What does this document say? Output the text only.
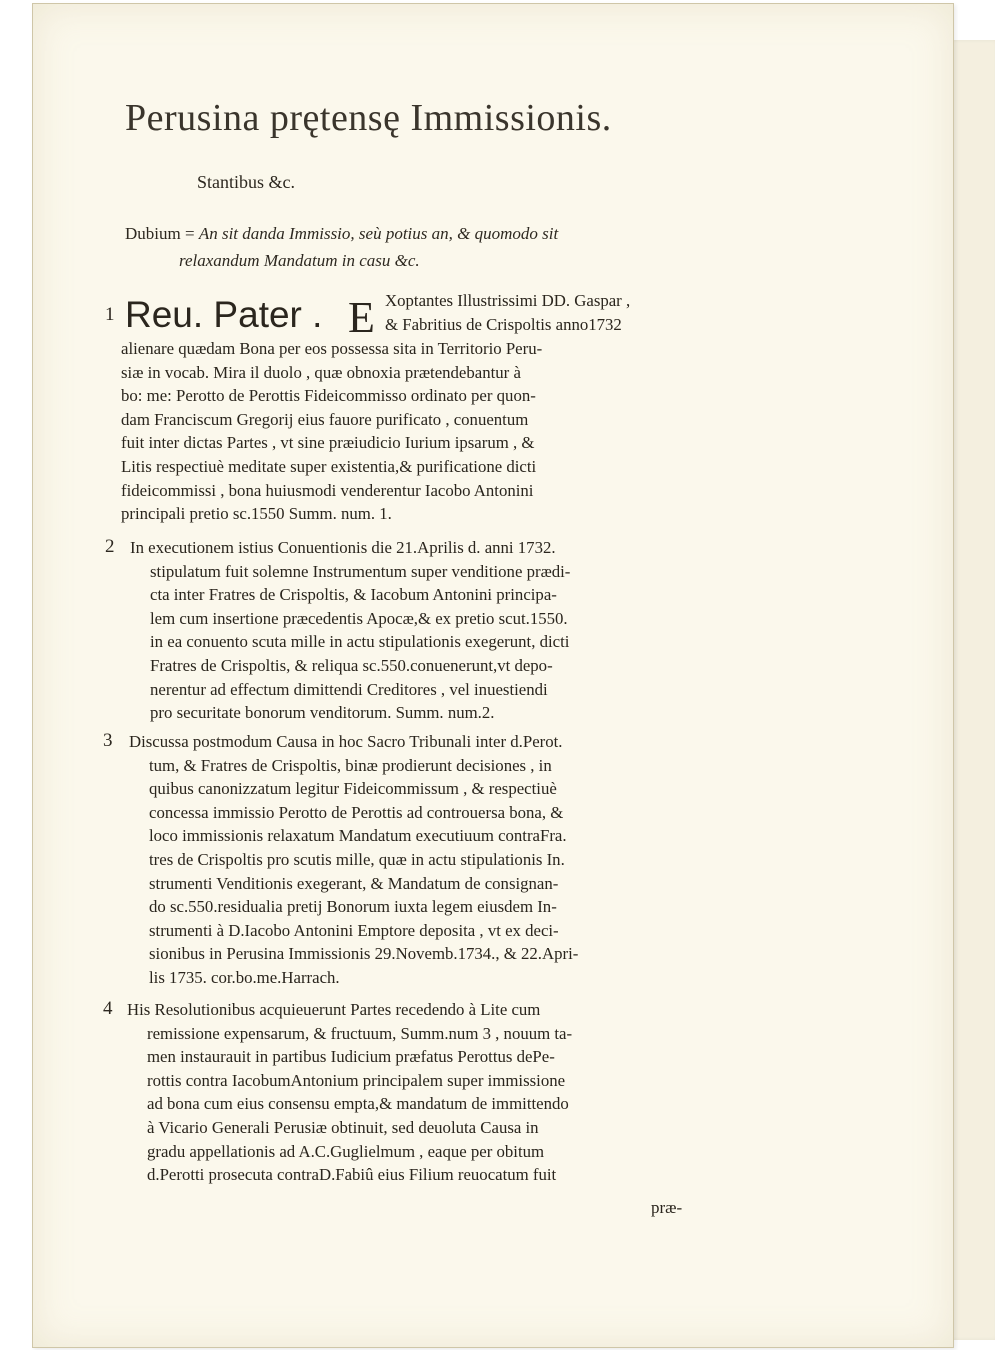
Perusina prętensę Immissionis.
Stantibus &c.
Dubium = An sit danda Immissio, seù potius an, & quomodo sit
relaxandum Mandatum in casu &c.
1 Reu. Pater . E Xoptantes Illustrissimi DD. Gaspar ,
& Fabritius de Crispoltis anno1732
alienare quædam Bona per eos possessa sita in Territorio Peru-
siæ in vocab. Mira il duolo , quæ obnoxia prætendebantur à
bo: me: Perotto de Perottis Fideicommisso ordinato per quon-
dam Franciscum Gregorij eius fauore purificato , conuentum
fuit inter dictas Partes , vt sine præiudicio Iurium ipsarum , &
Litis respectiuè meditate super existentia,& purificatione dicti
fideicommissi , bona huiusmodi venderentur Iacobo Antonini
principali pretio sc.1550 Summ. num. 1.
2 In executionem istius Conuentionis die 21.Aprilis d. anni 1732.
stipulatum fuit solemne Instrumentum super venditione prædi-
cta inter Fratres de Crispoltis, & Iacobum Antonini principa-
lem cum insertione præcedentis Apocæ,& ex pretio scut.1550.
in ea conuento scuta mille in actu stipulationis exegerunt, dicti
Fratres de Crispoltis, & reliqua sc.550.conuenerunt,vt depo-
nerentur ad effectum dimittendi Creditores , vel inuestiendi
pro securitate bonorum venditorum. Summ. num.2.
3 Discussa postmodum Causa in hoc Sacro Tribunali inter d.Perot.
tum, & Fratres de Crispoltis, binæ prodierunt decisiones , in
quibus canonizzatum legitur Fideicommissum , & respectiuè
concessa immissio Perotto de Perottis ad controuersa bona, &
loco immissionis relaxatum Mandatum executiuum contraFra.
tres de Crispoltis pro scutis mille, quæ in actu stipulationis In.
strumenti Venditionis exegerant, & Mandatum de consignan-
do sc.550.residualia pretij Bonorum iuxta legem eiusdem In-
strumenti à D.Iacobo Antonini Emptore deposita , vt ex deci-
sionibus in Perusina Immissionis 29.Novemb.1734., & 22.Apri-
lis 1735. cor.bo.me.Harrach.
4 His Resolutionibus acquieuerunt Partes recedendo à Lite cum
remissione expensarum, & fructuum, Summ.num 3 , nouum ta-
men instaurauit in partibus Iudicium præfatus Perottus dePe-
rottis contra IacobumAntonium principalem super immissione
ad bona cum eius consensu empta,& mandatum de immittendo
à Vicario Generali Perusiæ obtinuit, sed deuoluta Causa in
gradu appellationis ad A.C.Guglielmum , eaque per obitum
d.Perotti prosecuta contraD.Fabiû eius Filium reuocatum fuit
præ-
